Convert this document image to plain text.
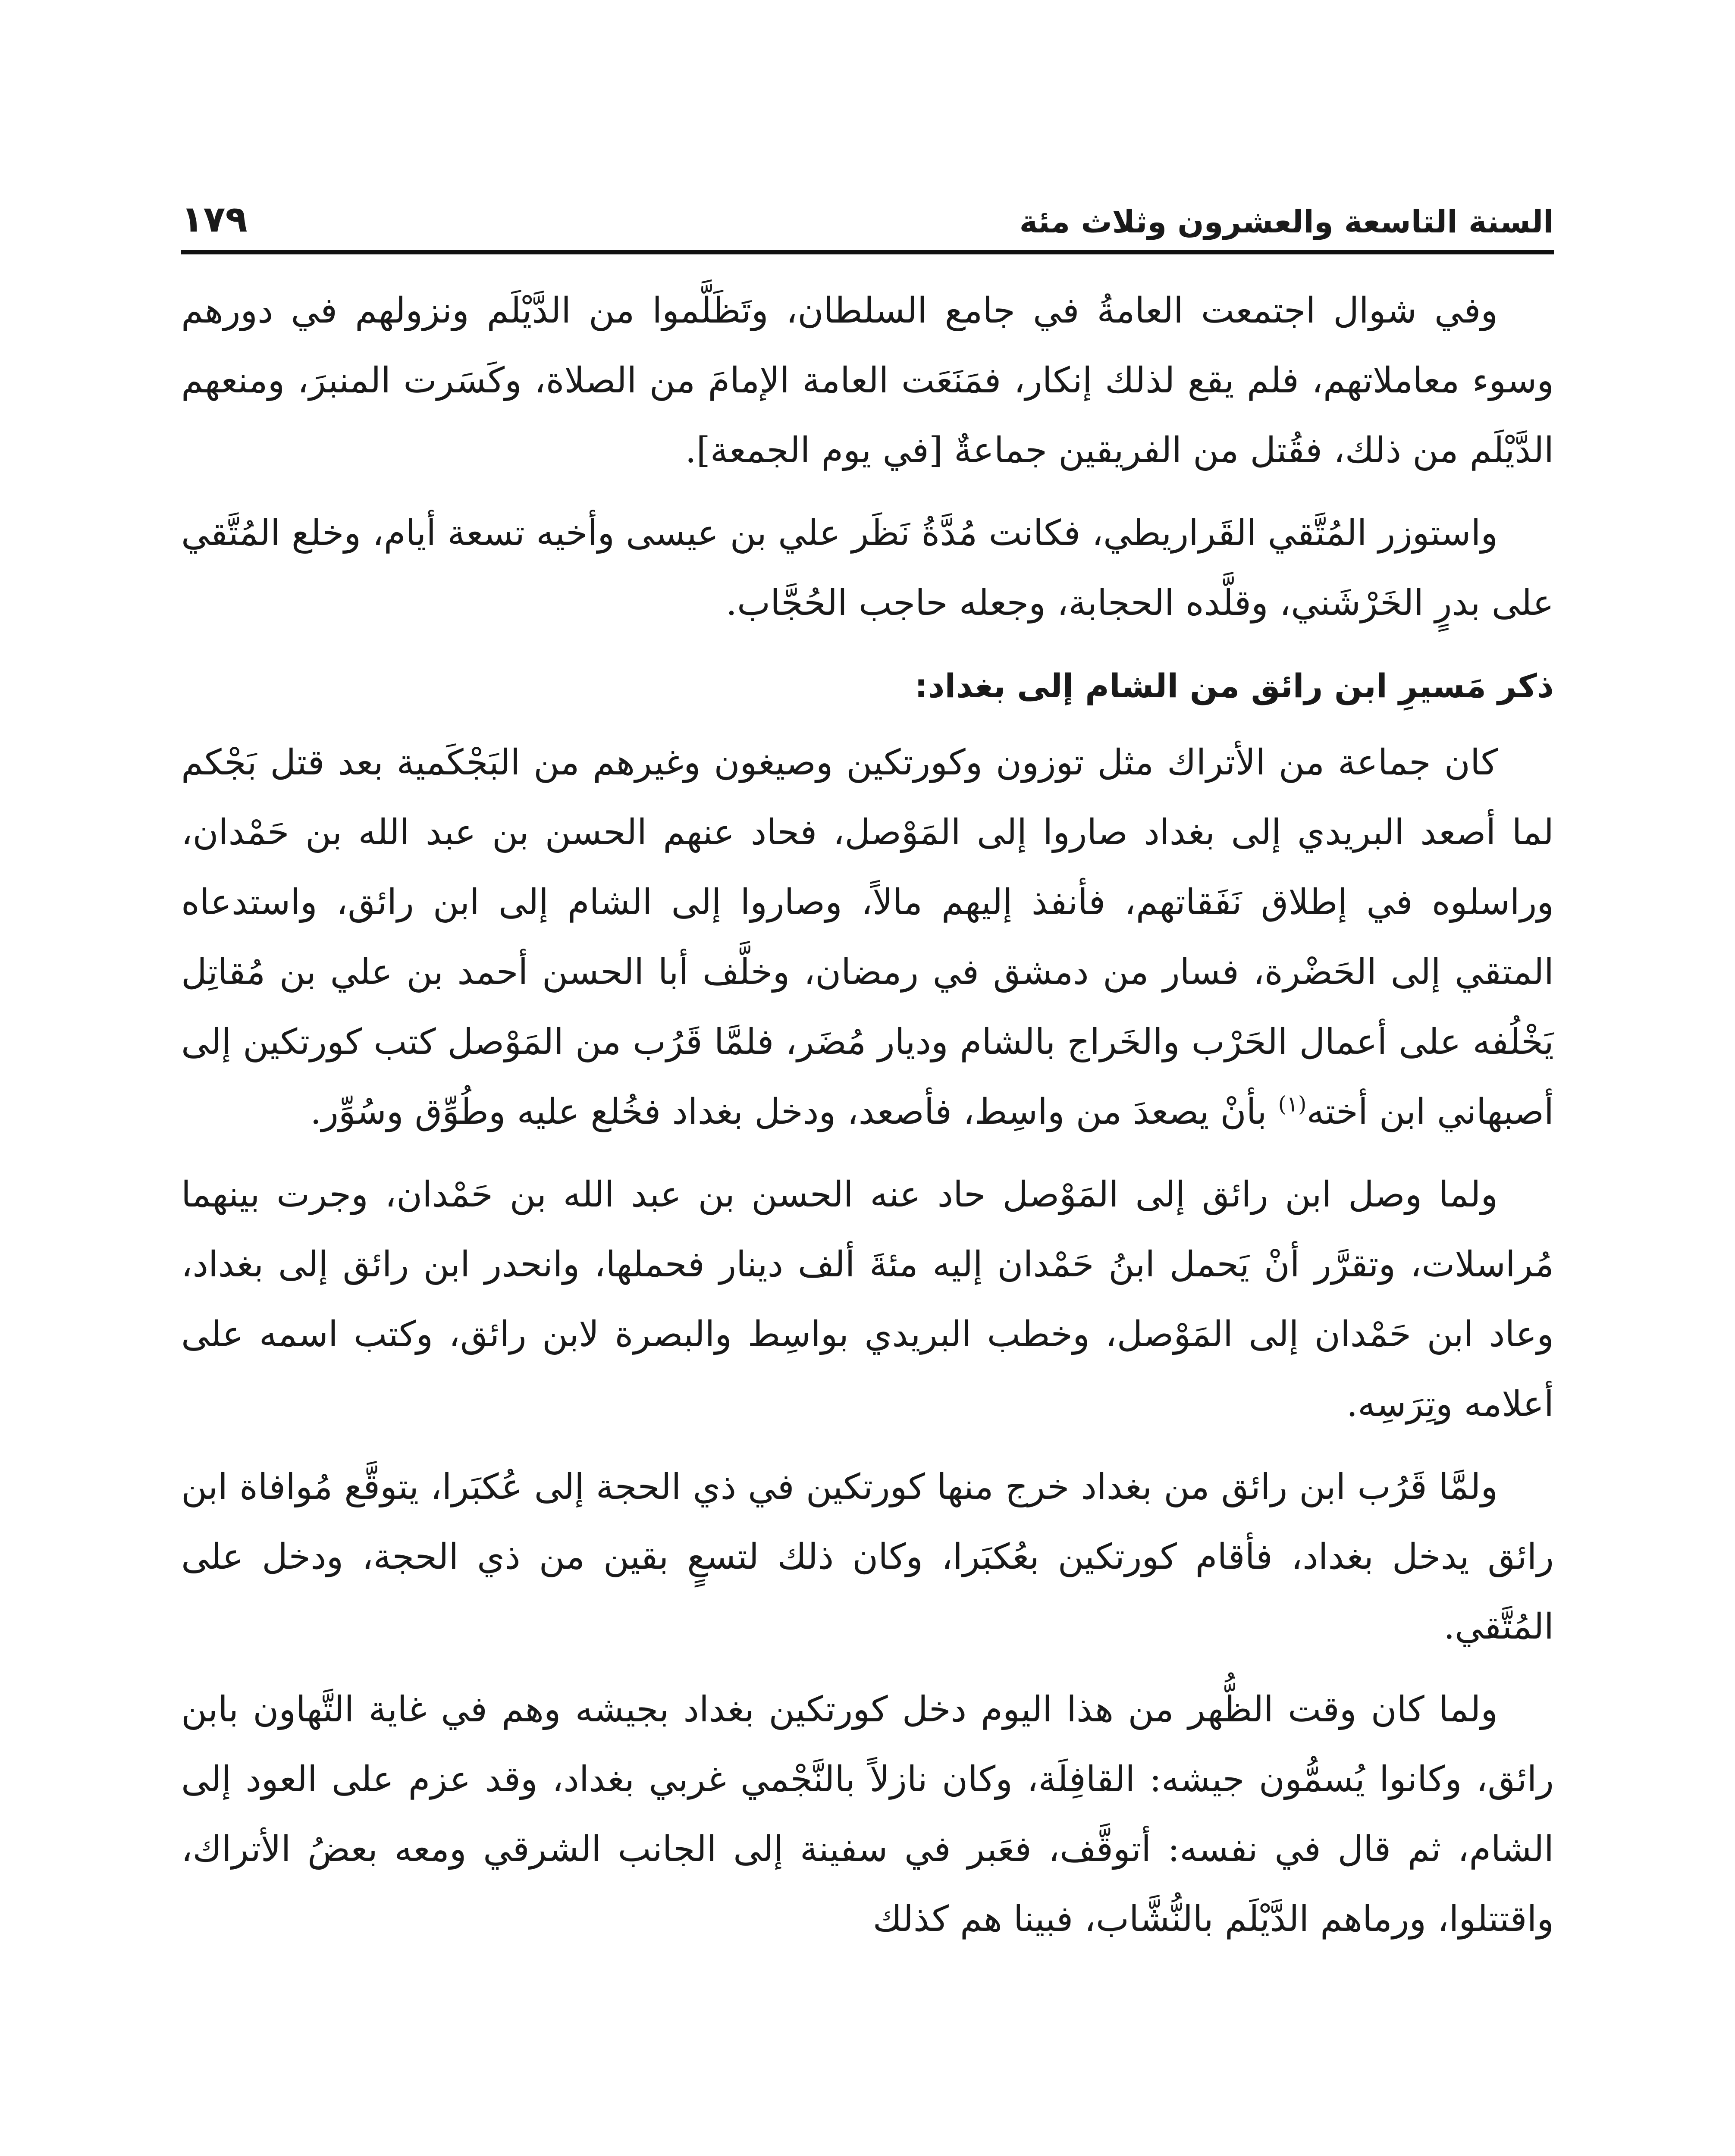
السنة التاسعة والعشرون وثلاث مئة
١٧٩

وفي شوال اجتمعت العامةُ في جامع السلطان، وتَظَلَّموا من الدَّيْلَم ونزولهم في دورهم وسوء معاملاتهم، فلم يقع لذلك إنكار، فمَنَعَت العامة الإمامَ من الصلاة، وكَسَرت المنبرَ، ومنعهم الدَّيْلَم من ذلك، فقُتل من الفريقين جماعةٌ [في يوم الجمعة].

واستوزر المُتَّقي القَراريطي، فكانت مُدَّةُ نَظَر علي بن عيسى وأخيه تسعة أيام، وخلع المُتَّقي على بدرٍ الخَرْشَني، وقلَّده الحجابة، وجعله حاجب الحُجَّاب.

ذكر مَسيرِ ابن رائق من الشام إلى بغداد:

كان جماعة من الأتراك مثل توزون وكورتكين وصيغون وغيرهم من البَجْكَمية بعد قتل بَجْكم لما أصعد البريدي إلى بغداد صاروا إلى المَوْصل، فحاد عنهم الحسن بن عبد الله بن حَمْدان، وراسلوه في إطلاق نَفَقاتهم، فأنفذ إليهم مالاً، وصاروا إلى الشام إلى ابن رائق، واستدعاه المتقي إلى الحَضْرة، فسار من دمشق في رمضان، وخلَّف أبا الحسن أحمد بن علي بن مُقاتِل يَخْلُفه على أعمال الحَرْب والخَراج بالشام وديار مُضَر، فلمَّا قَرُب من المَوْصل كتب كورتكين إلى أصبهاني ابن أخته$^{(١)}$ بأنْ يصعدَ من واسِط، فأصعد، ودخل بغداد فخُلع عليه وطُوِّق وسُوِّر.

ولما وصل ابن رائق إلى المَوْصل حاد عنه الحسن بن عبد الله بن حَمْدان، وجرت بينهما مُراسلات، وتقرَّر أنْ يَحمل ابنُ حَمْدان إليه مئةَ ألف دينار فحملها، وانحدر ابن رائق إلى بغداد، وعاد ابن حَمْدان إلى المَوْصل، وخطب البريدي بواسِط والبصرة لابن رائق، وكتب اسمه على أعلامه وتِرَسِه.

ولمَّا قَرُب ابن رائق من بغداد خرج منها كورتكين في ذي الحجة إلى عُكبَرا، يتوقَّع مُوافاة ابن رائق يدخل بغداد، فأقام كورتكين بعُكبَرا، وكان ذلك لتسعٍ بقين من ذي الحجة، ودخل على المُتَّقي.

ولما كان وقت الظُّهر من هذا اليوم دخل كورتكين بغداد بجيشه وهم في غاية التَّهاون بابن رائق، وكانوا يُسمُّون جيشه: القافِلَة، وكان نازلاً بالنَّجْمي غربي بغداد، وقد عزم على العود إلى الشام، ثم قال في نفسه: أتوقَّف، فعَبر في سفينة إلى الجانب الشرقي ومعه بعضُ الأتراك، واقتتلوا، ورماهم الدَّيْلَم بالنُّشَّاب، فبينا هم كذلك
